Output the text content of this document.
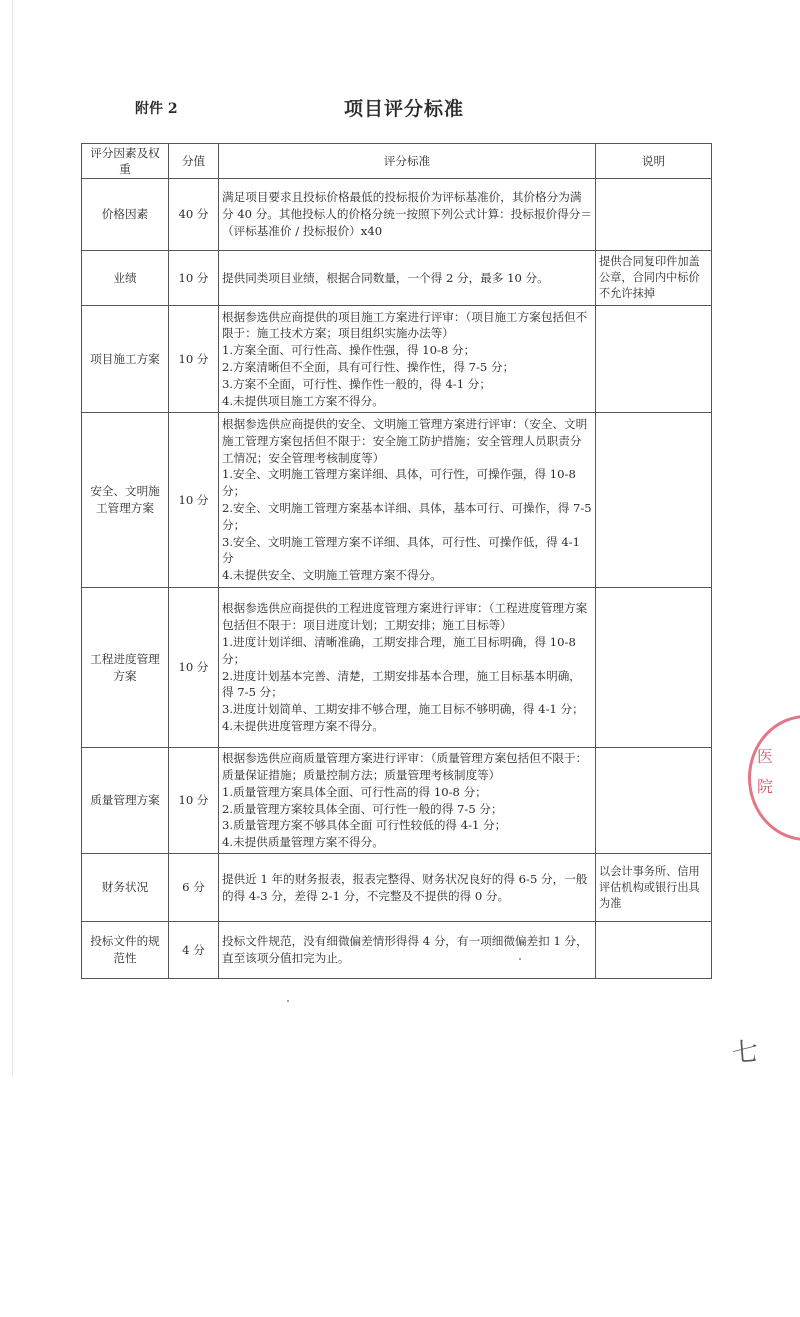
附件 2	项目评分标准
评分因素及权重	分值	评分标准	说明
价格因素	40 分	满足项目要求且投标价格最低的投标报价为评标基准价，其价格分为满分 40 分。其他投标人的价格分统一按照下列公式计算：投标报价得分＝（评标基准价 / 投标报价）x40	

业绩	10 分	提供同类项目业绩，根据合同数量，一个得 2 分，最多 10 分。	提供合同复印件加盖公章，合同内中标价不允许抹掉
项目施工方案	10 分	根据参选供应商提供的项目施工方案进行评审：（项目施工方案包括但不限于：施工技术方案；项目组织实施办法等）
1.方案全面、可行性高、操作性强，得 10-8 分；
2.方案清晰但不全面，具有可行性、操作性，得 7-5 分；
3.方案不全面，可行性、操作性一般的，得 4-1 分；
4.未提供项目施工方案不得分。	

安全、文明施工管理方案	10 分	根据参选供应商提供的安全、文明施工管理方案进行评审：（安全、文明施工管理方案包括但不限于：安全施工防护措施；安全管理人员职责分工情况；安全管理考核制度等）
1.安全、文明施工管理方案详细、具体，可行性，可操作强，得 10-8 分；
2.安全、文明施工管理方案基本详细、具体，基本可行、可操作，得 7-5 分；
3.安全、文明施工管理方案不详细、具体，可行性、可操作低，得 4-1 分
4.未提供安全、文明施工管理方案不得分。	

工程进度管理方案	10 分	根据参选供应商提供的工程进度管理方案进行评审：（工程进度管理方案包括但不限于：项目进度计划；工期安排；施工目标等）
1.进度计划详细、清晰准确，工期安排合理，施工目标明确，得 10-8 分；
2.进度计划基本完善、清楚，工期安排基本合理，施工目标基本明确，得 7-5 分；
3.进度计划简单、工期安排不够合理，施工目标不够明确，得 4-1 分；
4.未提供进度管理方案不得分。	

质量管理方案	10 分	根据参选供应商质量管理方案进行评审：（质量管理方案包括但不限于：质量保证措施；质量控制方法；质量管理考核制度等）
1.质量管理方案具体全面、可行性高的得 10-8 分；
2.质量管理方案较具体全面、可行性一般的得 7-5 分；
3.质量管理方案不够具体全面 可行性较低的得 4-1 分；
4.未提供质量管理方案不得分。	

财务状况	6 分	提供近 1 年的财务报表，报表完整得、财务状况良好的得 6-5 分，一般的得 4-3 分，差得 2-1 分，不完整及不提供的得 0 分。	以会计事务所、信用评估机构或银行出具为准
投标文件的规范性	4 分	投标文件规范，没有细微偏差情形得得 4 分，有一项细微偏差扣 1 分，直至该项分值扣完为止。	

医院
七
